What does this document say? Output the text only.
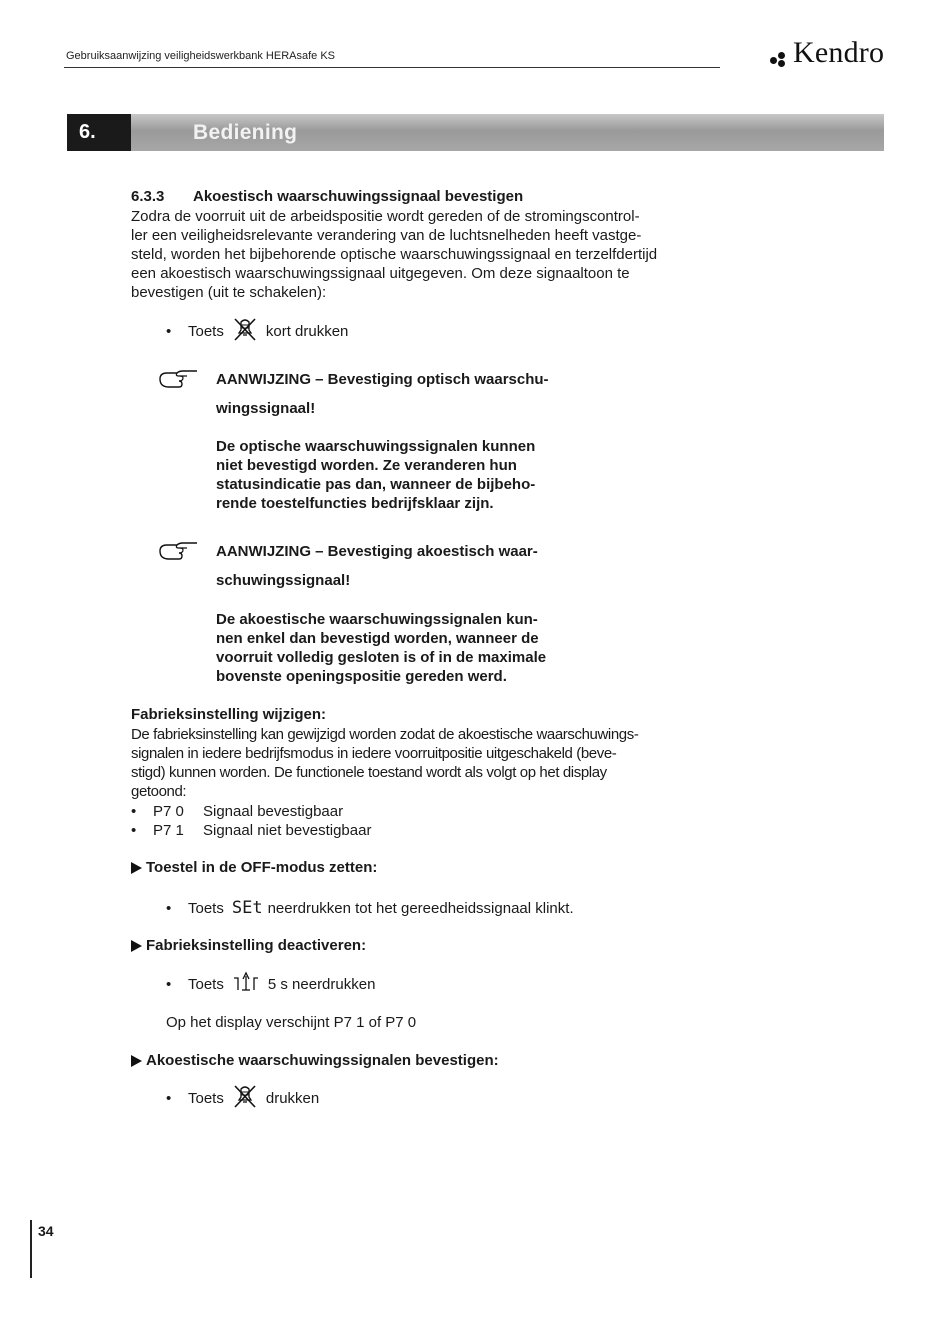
Gebruiksaanwijzing veiligheidswerkbank HERAsafe KS	Kendro
6.	Bediening
6.3.3 Akoestisch waarschuwingssignaal bevestigen

Zodra de voorruit uit de arbeidspositie wordt gereden of de stromingscontrol-

ler een veiligheidsrelevante verandering van de luchtsnelheden heeft vastge-

steld, worden het bijbehorende optische waarschuwingssignaal en terzelfdertijd

een akoestisch waarschuwingssignaal uitgegeven. Om deze signaaltoon te

bevestigen (uit te schakelen):

•	Toets	kort drukken

AANWIJZING – Bevestiging optisch waarschu-

wingssignaal!

De optische waarschuwingssignalen kunnen

niet bevestigd worden. Ze veranderen hun

statusindicatie pas dan, wanneer de bijbeho-

rende toestelfuncties bedrijfsklaar zijn.

AANWIJZING – Bevestiging akoestisch waar-

schuwingssignaal!

De akoestische waarschuwingssignalen kun-

nen enkel dan bevestigd worden, wanneer de

voorruit volledig gesloten is of in de maximale

bovenste openingspositie gereden werd.

Fabrieksinstelling wijzigen:

De fabrieksinstelling kan gewijzigd worden zodat de akoestische waarschuwings-

signalen in iedere bedrijfsmodus in iedere voorruitpositie uitgeschakeld (beve-

stigd) kunnen worden. De functionele toestand wordt als volgt op het display

getoond:

•	P7 0	Signaal bevestigbaar
•	P7 1	Signaal niet bevestigbaar
Toestel in de OFF-modus zetten:
•	Toets SEt neerdrukken tot het gereedheidssignaal klinkt.
Fabrieksinstelling deactiveren:
•	Toets	5 s neerdrukken
Op het display verschijnt P7 1 of P7 0
Akoestische waarschuwingssignalen bevestigen:
•	Toets	drukken
34
